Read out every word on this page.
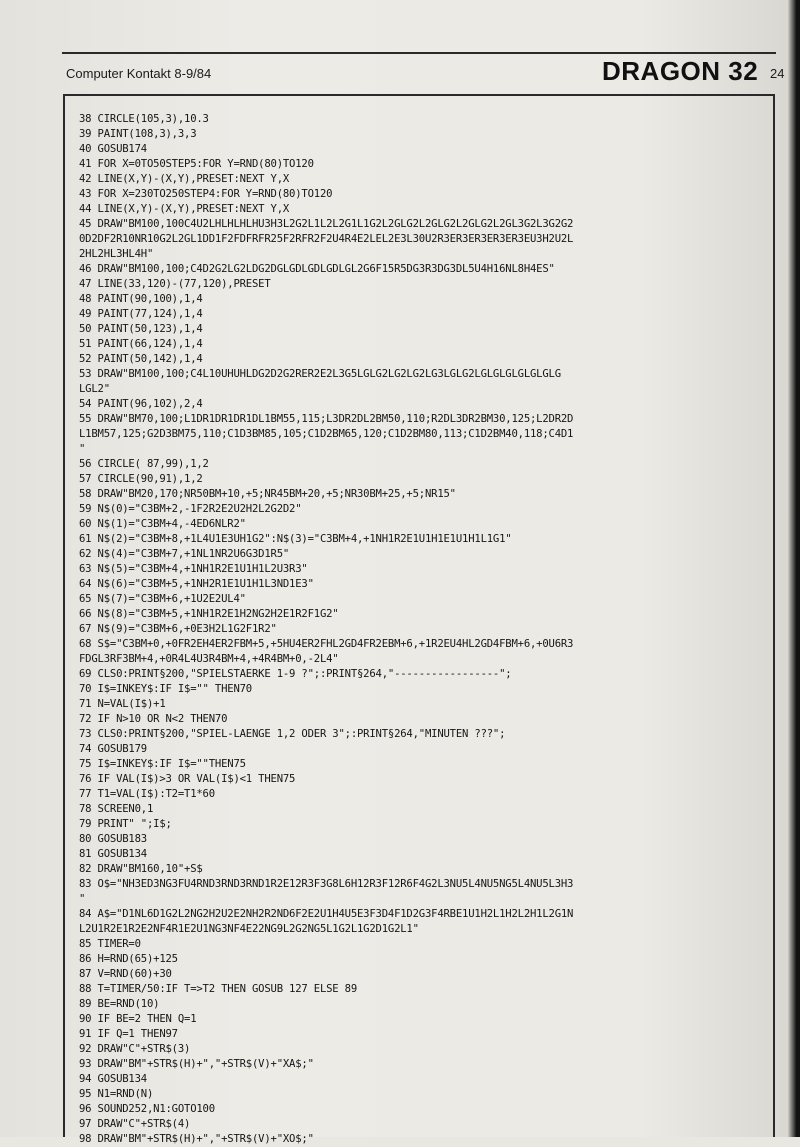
Computer Kontakt 8-9/84	DRAGON 32 24
38 CIRCLE(105,3),10.3
39 PAINT(108,3),3,3
40 GOSUB174
41 FOR X=0TO50STEP5:FOR Y=RND(80)TO120
42 LINE(X,Y)-(X,Y),PRESET:NEXT Y,X
43 FOR X=230TO250STEP4:FOR Y=RND(80)TO120
44 LINE(X,Y)-(X,Y),PRESET:NEXT Y,X
45 DRAW"BM100,100C4U2LHLHLHLHU3H3L2G2L1L2L2G1L1G2L2GLG2L2GLG2L2GLG2L2GL3G2L3G2G2
0D2DF2R10NR10G2L2GL1DD1F2FDFRFR25F2RFR2F2U4R4E2LEL2E3L30U2R3ER3ER3ER3ER3EU3H2U2L
2HL2HL3HL4H"
46 DRAW"BM100,100;C4D2G2LG2LDG2DGLGDLGDLGDLGL2G6F15R5DG3R3DG3DL5U4H16NL8H4ES"
47 LINE(33,120)-(77,120),PRESET
48 PAINT(90,100),1,4
49 PAINT(77,124),1,4
50 PAINT(50,123),1,4
51 PAINT(66,124),1,4
52 PAINT(50,142),1,4
53 DRAW"BM100,100;C4L10UHUHLDG2D2G2RER2E2L3G5LGLG2LG2LG2LG3LGLG2LGLGLGLGLGLGLG
LGL2"
54 PAINT(96,102),2,4
55 DRAW"BM70,100;L1DR1DR1DR1DL1BM55,115;L3DR2DL2BM50,110;R2DL3DR2BM30,125;L2DR2D
L1BM57,125;G2D3BM75,110;C1D3BM85,105;C1D2BM65,120;C1D2BM80,113;C1D2BM40,118;C4D1
"
56 CIRCLE( 87,99),1,2
57 CIRCLE(90,91),1,2
58 DRAW"BM20,170;NR50BM+10,+5;NR45BM+20,+5;NR30BM+25,+5;NR15"
59 N$(0)="C3BM+2,-1F2R2E2U2H2L2G2D2"
60 N$(1)="C3BM+4,-4ED6NLR2"
61 N$(2)="C3BM+8,+1L4U1E3UH1G2":N$(3)="C3BM+4,+1NH1R2E1U1H1E1U1H1L1G1"
62 N$(4)="C3BM+7,+1NL1NR2U6G3D1R5"
63 N$(5)="C3BM+4,+1NH1R2E1U1H1L2U3R3"
64 N$(6)="C3BM+5,+1NH2R1E1U1H1L3ND1E3"
65 N$(7)="C3BM+6,+1U2E2UL4"
66 N$(8)="C3BM+5,+1NH1R2E1H2NG2H2E1R2F1G2"
67 N$(9)="C3BM+6,+0E3H2L1G2F1R2"
68 S$="C3BM+0,+0FR2EH4ER2FBM+5,+5HU4ER2FHL2GD4FR2EBM+6,+1R2EU4HL2GD4FBM+6,+0U6R3
FDGL3RF3BM+4,+0R4L4U3R4BM+4,+4R4BM+0,-2L4"
69 CLS0:PRINT§200,"SPIELSTAERKE 1-9 ?";:PRINT§264,"-----------------";
70 I$=INKEY$:IF I$="" THEN70
71 N=VAL(I$)+1
72 IF N>10 OR N<2 THEN70
73 CLS0:PRINT§200,"SPIEL-LAENGE 1,2 ODER 3";:PRINT§264,"MINUTEN ???";
74 GOSUB179
75 I$=INKEY$:IF I$=""THEN75
76 IF VAL(I$)>3 OR VAL(I$)<1 THEN75
77 T1=VAL(I$):T2=T1*60
78 SCREEN0,1
79 PRINT" ";I$;
80 GOSUB183
81 GOSUB134
82 DRAW"BM160,10"+S$
83 O$="NH3ED3NG3FU4RND3RND3RND1R2E12R3F3G8L6H12R3F12R6F4G2L3NU5L4NU5NG5L4NU5L3H3
"
84 A$="D1NL6D1G2L2NG2H2U2E2NH2R2ND6F2E2U1H4U5E3F3D4F1D2G3F4RBE1U1H2L1H2L2H1L2G1N
L2U1R2E1R2E2NF4R1E2U1NG3NF4E22NG9L2G2NG5L1G2L1G2D1G2L1"
85 TIMER=0
86 H=RND(65)+125
87 V=RND(60)+30
88 T=TIMER/50:IF T=>T2 THEN GOSUB 127 ELSE 89
89 BE=RND(10)
90 IF BE=2 THEN Q=1
91 IF Q=1 THEN97
92 DRAW"C"+STR$(3)
93 DRAW"BM"+STR$(H)+","+STR$(V)+"XA$;"
94 GOSUB134
95 N1=RND(N)
96 SOUND252,N1:GOTO100
97 DRAW"C"+STR$(4)
98 DRAW"BM"+STR$(H)+","+STR$(V)+"XO$;"
